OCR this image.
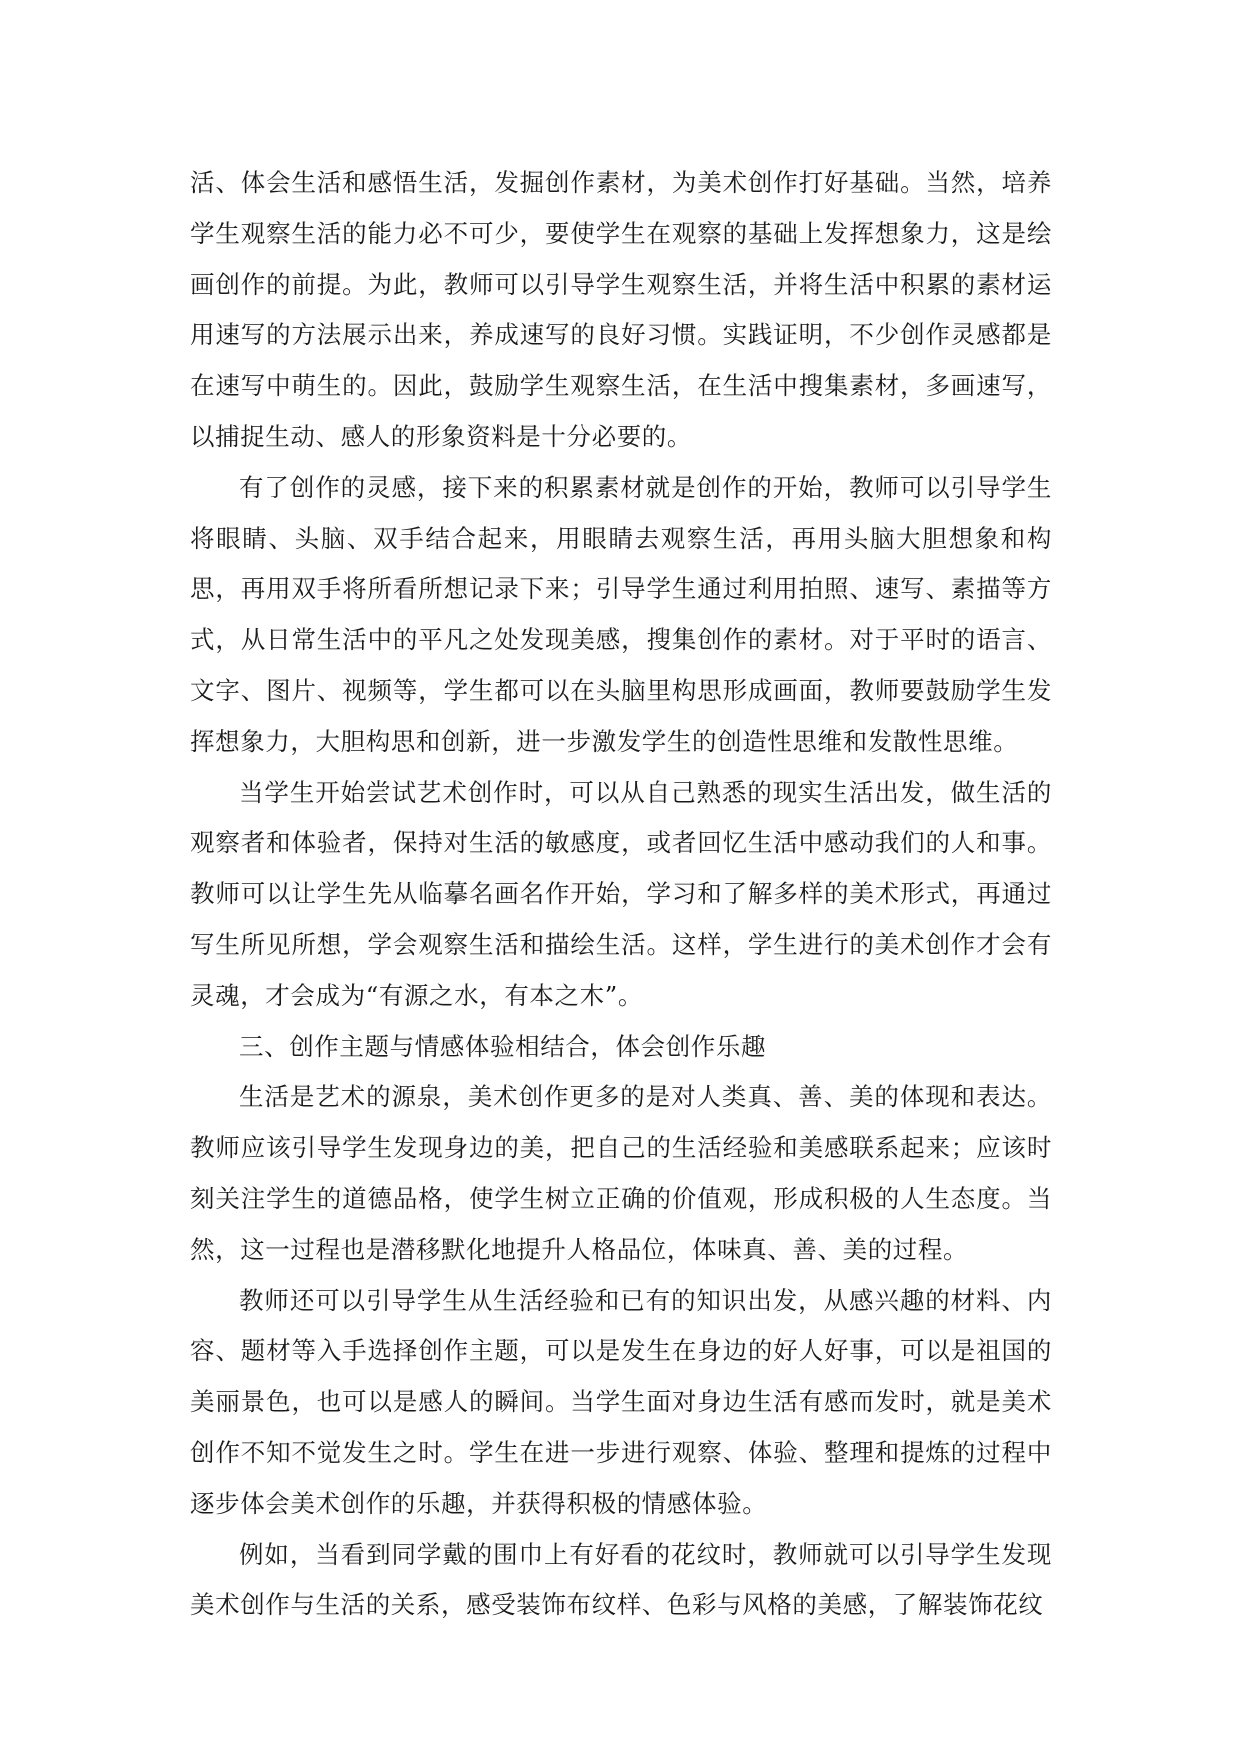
活、体会生活和感悟生活，发掘创作素材，为美术创作打好基础。当然，培养学生观察生活的能力必不可少，要使学生在观察的基础上发挥想象力，这是绘画创作的前提。为此，教师可以引导学生观察生活，并将生活中积累的素材运用速写的方法展示出来，养成速写的良好习惯。实践证明，不少创作灵感都是在速写中萌生的。因此，鼓励学生观察生活，在生活中搜集素材，多画速写，以捕捉生动、感人的形象资料是十分必要的。

有了创作的灵感，接下来的积累素材就是创作的开始，教师可以引导学生将眼睛、头脑、双手结合起来，用眼睛去观察生活，再用头脑大胆想象和构思，再用双手将所看所想记录下来；引导学生通过利用拍照、速写、素描等方式，从日常生活中的平凡之处发现美感，搜集创作的素材。对于平时的语言、文字、图片、视频等，学生都可以在头脑里构思形成画面，教师要鼓励学生发挥想象力，大胆构思和创新，进一步激发学生的创造性思维和发散性思维。

当学生开始尝试艺术创作时，可以从自己熟悉的现实生活出发，做生活的观察者和体验者，保持对生活的敏感度，或者回忆生活中感动我们的人和事。教师可以让学生先从临摹名画名作开始，学习和了解多样的美术形式，再通过写生所见所想，学会观察生活和描绘生活。这样，学生进行的美术创作才会有灵魂，才会成为“有源之水，有本之木”。

三、创作主题与情感体验相结合，体会创作乐趣

生活是艺术的源泉，美术创作更多的是对人类真、善、美的体现和表达。教师应该引导学生发现身边的美，把自己的生活经验和美感联系起来；应该时刻关注学生的道德品格，使学生树立正确的价值观，形成积极的人生态度。当然，这一过程也是潜移默化地提升人格品位，体味真、善、美的过程。

教师还可以引导学生从生活经验和已有的知识出发，从感兴趣的材料、内容、题材等入手选择创作主题，可以是发生在身边的好人好事，可以是祖国的美丽景色，也可以是感人的瞬间。当学生面对身边生活有感而发时，就是美术创作不知不觉发生之时。学生在进一步进行观察、体验、整理和提炼的过程中逐步体会美术创作的乐趣，并获得积极的情感体验。

例如，当看到同学戴的围巾上有好看的花纹时，教师就可以引导学生发现美术创作与生活的关系，感受装饰布纹样、色彩与风格的美感，了解装饰花纹
